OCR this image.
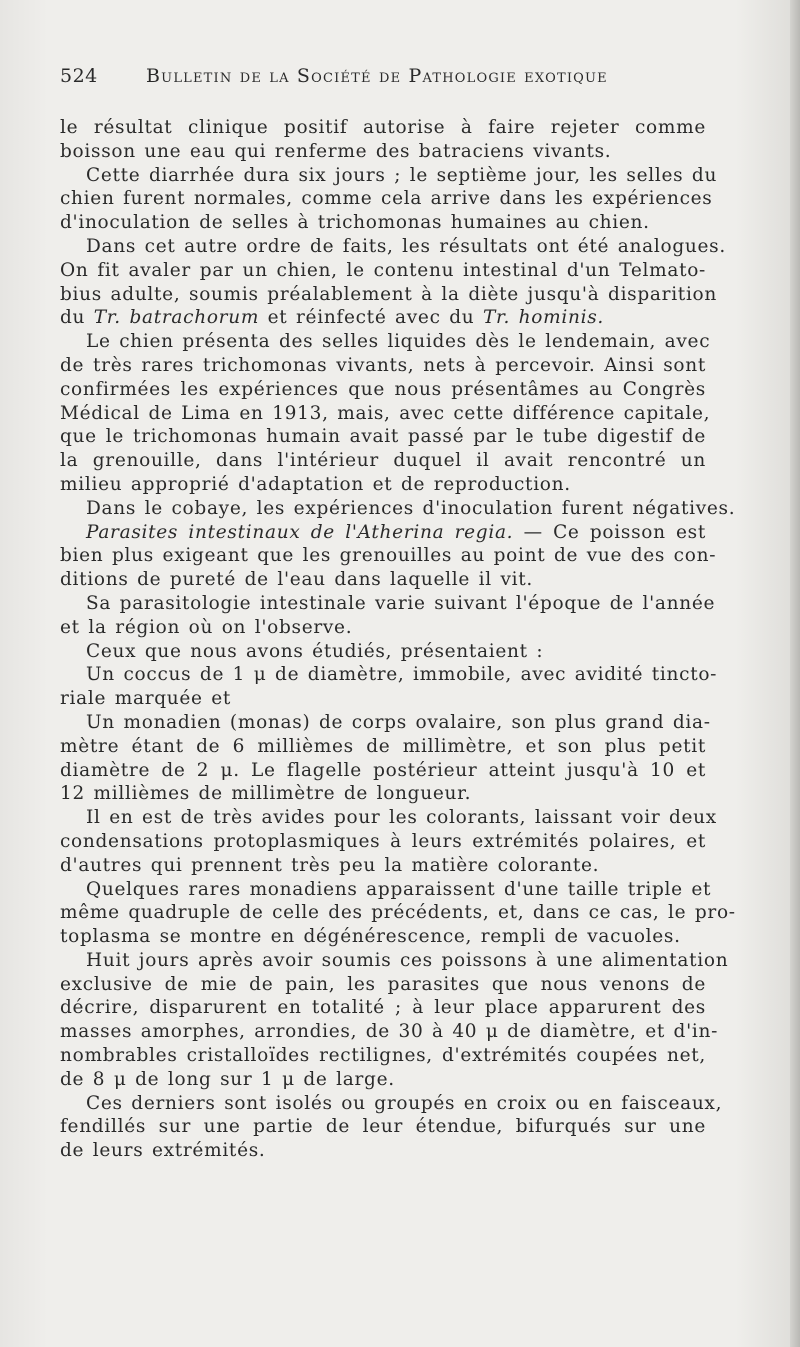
524	Bulletin de la Société de Pathologie exotique
le résultat clinique positif autorise à faire rejeter comme
boisson une eau qui renferme des batraciens vivants.
Cette diarrhée dura six jours ; le septième jour, les selles du
chien furent normales, comme cela arrive dans les expériences
d'inoculation de selles à trichomonas humaines au chien.
Dans cet autre ordre de faits, les résultats ont été analogues.
On fit avaler par un chien, le contenu intestinal d'un Telmato-
bius adulte, soumis préalablement à la diète jusqu'à disparition
du Tr. batrachorum et réinfecté avec du Tr. hominis.
Le chien présenta des selles liquides dès le lendemain, avec
de très rares trichomonas vivants, nets à percevoir. Ainsi sont
confirmées les expériences que nous présentâmes au Congrès
Médical de Lima en 1913, mais, avec cette différence capitale,
que le trichomonas humain avait passé par le tube digestif de
la grenouille, dans l'intérieur duquel il avait rencontré un
milieu approprié d'adaptation et de reproduction.
Dans le cobaye, les expériences d'inoculation furent négatives.
Parasites intestinaux de l'Atherina regia. — Ce poisson est
bien plus exigeant que les grenouilles au point de vue des con-
ditions de pureté de l'eau dans laquelle il vit.
Sa parasitologie intestinale varie suivant l'époque de l'année
et la région où on l'observe.
Ceux que nous avons étudiés, présentaient :
Un coccus de 1 μ de diamètre, immobile, avec avidité tincto-
riale marquée et
Un monadien (monas) de corps ovalaire, son plus grand dia-
mètre étant de 6 millièmes de millimètre, et son plus petit
diamètre de 2 μ. Le flagelle postérieur atteint jusqu'à 10 et
12 millièmes de millimètre de longueur.
Il en est de très avides pour les colorants, laissant voir deux
condensations protoplasmiques à leurs extrémités polaires, et
d'autres qui prennent très peu la matière colorante.
Quelques rares monadiens apparaissent d'une taille triple et
même quadruple de celle des précédents, et, dans ce cas, le pro-
toplasma se montre en dégénérescence, rempli de vacuoles.
Huit jours après avoir soumis ces poissons à une alimentation
exclusive de mie de pain, les parasites que nous venons de
décrire, disparurent en totalité ; à leur place apparurent des
masses amorphes, arrondies, de 30 à 40 μ de diamètre, et d'in-
nombrables cristalloïdes rectilignes, d'extrémités coupées net,
de 8 μ de long sur 1 μ de large.
Ces derniers sont isolés ou groupés en croix ou en faisceaux,
fendillés sur une partie de leur étendue, bifurqués sur une
de leurs extrémités.
